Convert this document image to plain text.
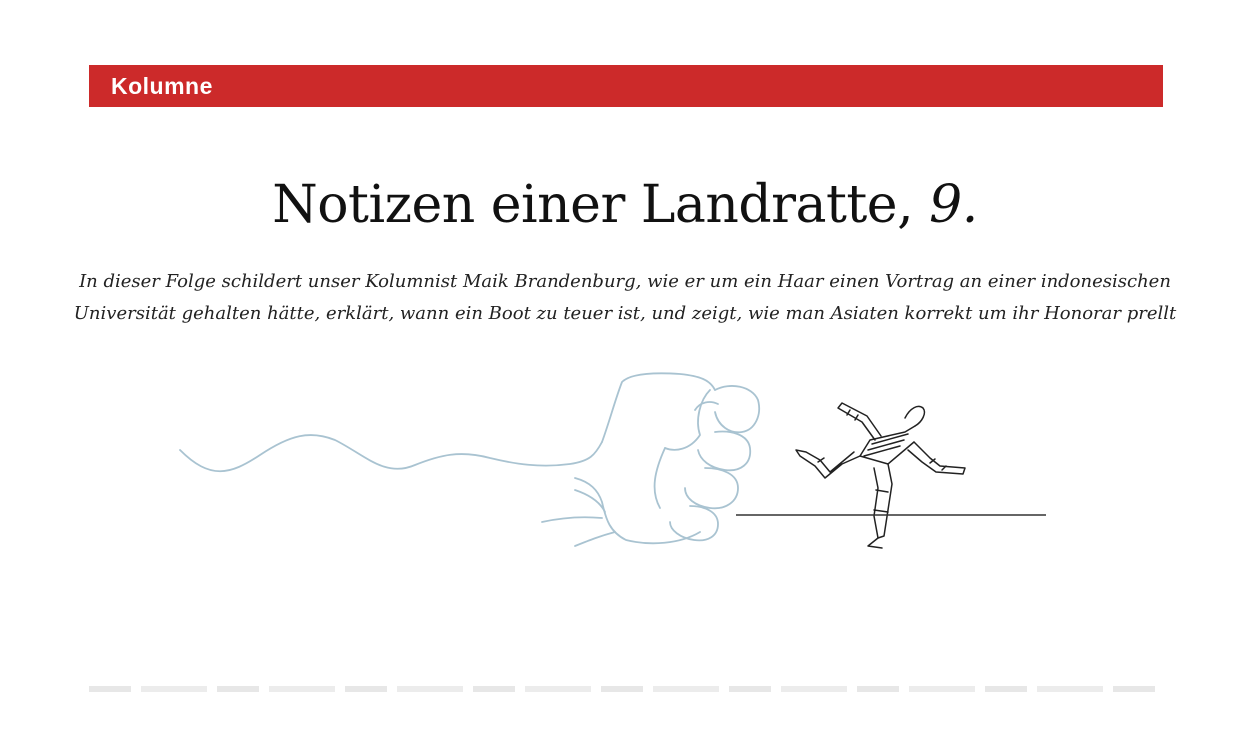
Kolumne
Notizen einer Landratte, 9.

In dieser Folge schildert unser Kolumnist Maik Brandenburg, wie er um ein Haar einen Vortrag an einer indonesischen
Universität gehalten hätte, erklärt, wann ein Boot zu teuer ist, und zeigt, wie man Asiaten korrekt um ihr Honorar prellt
